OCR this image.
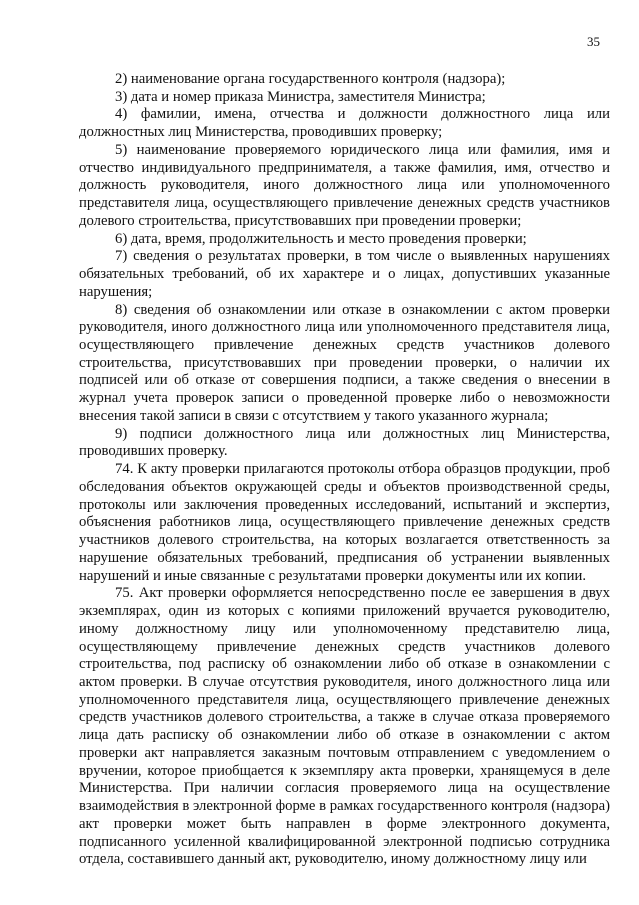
35

2) наименование органа государственного контроля (надзора);

3) дата и номер приказа Министра, заместителя Министра;

4) фамилии, имена, отчества и должности должностного лица или должностных лиц Министерства, проводивших проверку;

5) наименование проверяемого юридического лица или фамилия, имя и отчество индивидуального предпринимателя, а также фамилия, имя, отчество и должность руководителя, иного должностного лица или уполномоченного представителя лица, осуществляющего привлечение денежных средств участников долевого строительства, присутствовавших при проведении проверки;

6) дата, время, продолжительность и место проведения проверки;

7) сведения о результатах проверки, в том числе о выявленных нарушениях обязательных требований, об их характере и о лицах, допустивших указанные нарушения;

8) сведения об ознакомлении или отказе в ознакомлении с актом проверки руководителя, иного должностного лица или уполномоченного представителя лица, осуществляющего привлечение денежных средств участников долевого строительства, присутствовавших при проведении проверки, о наличии их подписей или об отказе от совершения подписи, а также сведения о внесении в журнал учета проверок записи о проведенной проверке либо о невозможности внесения такой записи в связи с отсутствием у такого указанного журнала;

9) подписи должностного лица или должностных лиц Министерства, проводивших проверку.

74. К акту проверки прилагаются протоколы отбора образцов продукции, проб обследования объектов окружающей среды и объектов производственной среды, протоколы или заключения проведенных исследований, испытаний и экспертиз, объяснения работников лица, осуществляющего привлечение денежных средств участников долевого строительства, на которых возлагается ответственность за нарушение обязательных требований, предписания об устранении выявленных нарушений и иные связанные с результатами проверки документы или их копии.

75. Акт проверки оформляется непосредственно после ее завершения в двух экземплярах, один из которых с копиями приложений вручается руководителю, иному должностному лицу или уполномоченному представителю лица, осуществляющему привлечение денежных средств участников долевого строительства, под расписку об ознакомлении либо об отказе в ознакомлении с актом проверки. В случае отсутствия руководителя, иного должностного лица или уполномоченного представителя лица, осуществляющего привлечение денежных средств участников долевого строительства, а также в случае отказа проверяемого лица дать расписку об ознакомлении либо об отказе в ознакомлении с актом проверки акт направляется заказным почтовым отправлением с уведомлением о вручении, которое приобщается к экземпляру акта проверки, хранящемуся в деле Министерства. При наличии согласия проверяемого лица на осуществление взаимодействия в электронной форме в рамках государственного контроля (надзора) акт проверки может быть направлен в форме электронного документа, подписанного усиленной квалифицированной электронной подписью сотрудника отдела, составившего данный акт, руководителю, иному должностному лицу или
